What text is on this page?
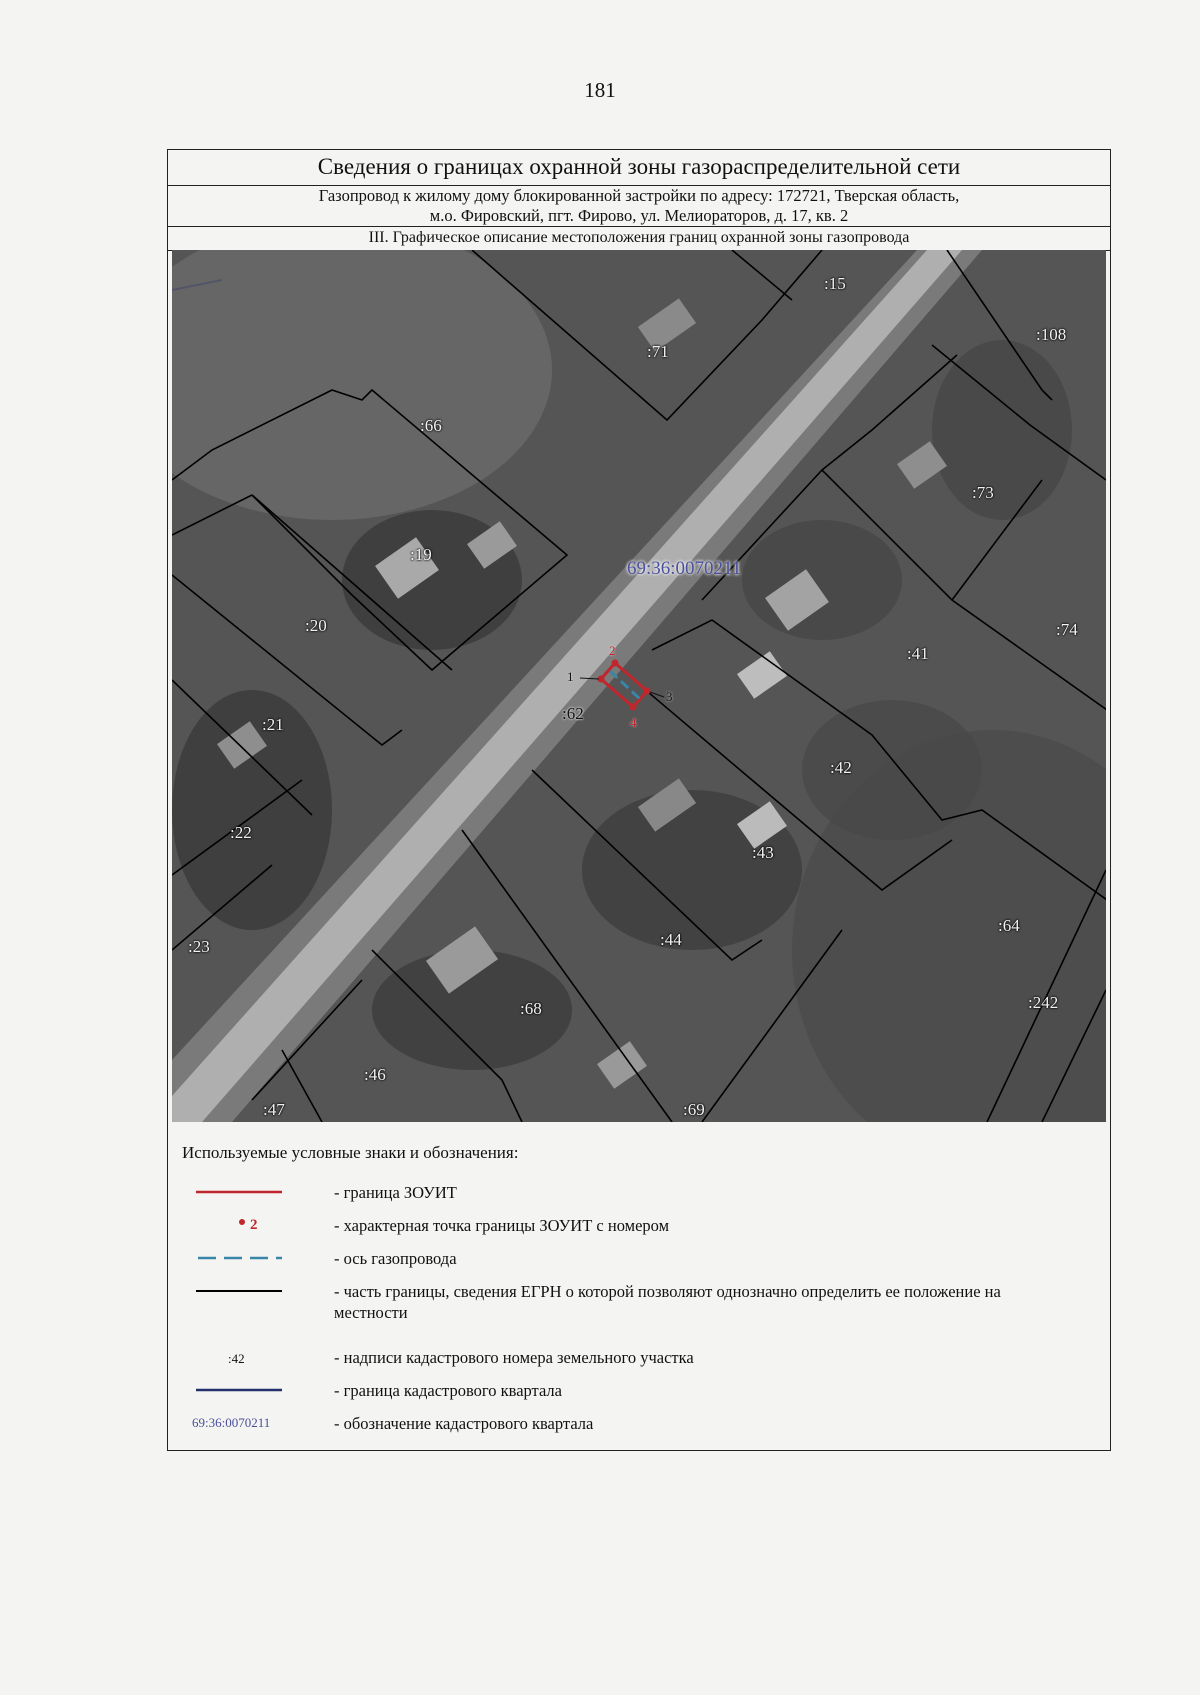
181
Сведения о границах охранной зоны газораспределительной сети
Газопровод к жилому дому блокированной застройки по адресу: 172721, Тверская область,
м.о. Фировский, пгт. Фирово, ул. Мелиораторов, д. 17, кв. 2
III. Графическое описание местоположения границ охранной зоны газопровода
69:36:0070211
:15
:108
:71
:66
:73
:19
:20	:74
:41
:21
:62
:42
:22
:43
:23
:64
:44
:242
:68
:46
:47	:69
1
2
3
4
Используемые условные знаки и обозначения:
- граница ЗОУИТ
2	- характерная точка границы ЗОУИТ с номером
- ось газопровода
- часть границы, сведения ЕГРН о которой позволяют однозначно определить ее положение на местности
:42	- надписи кадастрового номера земельного участка
- граница кадастрового квартала
69:36:0070211	- обозначение кадастрового квартала
